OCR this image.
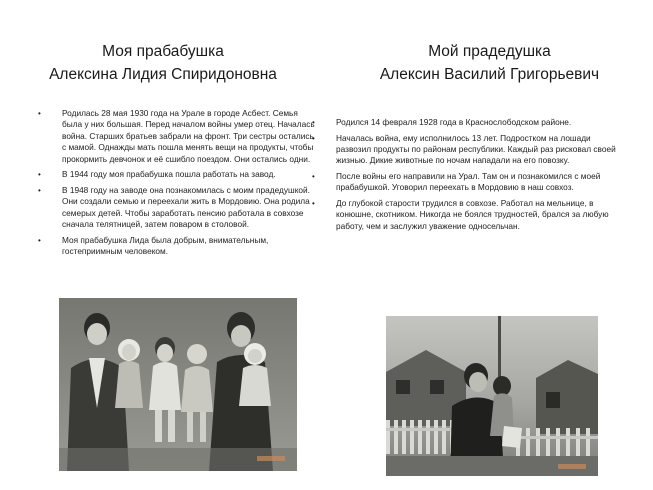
Моя прабабушка
Алексина Лидия Спиридоновна
• Родилась 28 мая 1930 года на Урале в городе Асбест. Семья была у них большая. Перед началом войны умер отец. Началась война. Старших братьев забрали на фронт. Три сестры остались с мамой. Однажды мать пошла менять вещи на продукты, чтобы прокормить девчонок и её сшибло поездом. Они остались одни.
• В 1944 году моя прабабушка пошла работать на завод.
• В 1948 году на заводе она познакомилась с моим прадедушкой. Они создали семью и переехали жить в Мордовию. Она родила семерых детей. Чтобы заработать пенсию работала в совхозе сначала телятницей, затем поваром в столовой.
• Моя прабабушка Лида была добрым, внимательным, гостеприимным человеком.
Мой прадедушка
Алексин Василий Григорьевич
• Родился 14 февраля 1928 года в Краснослободском районе.
• Началась война, ему исполнилось 13 лет. Подростком на лошади развозил продукты по районам республики. Каждый раз рисковал своей жизнью. Дикие животные по ночам нападали на его повозку.
• После войны его направили на Урал. Там он и познакомился с моей прабабушкой. Уговорил переехать в Мордовию в наш совхоз.
• До глубокой старости трудился в совхозе. Работал на мельнице, в конюшне, скотником. Никогда не боялся трудностей, брался за любую работу, чем и заслужил уважение односельчан.
